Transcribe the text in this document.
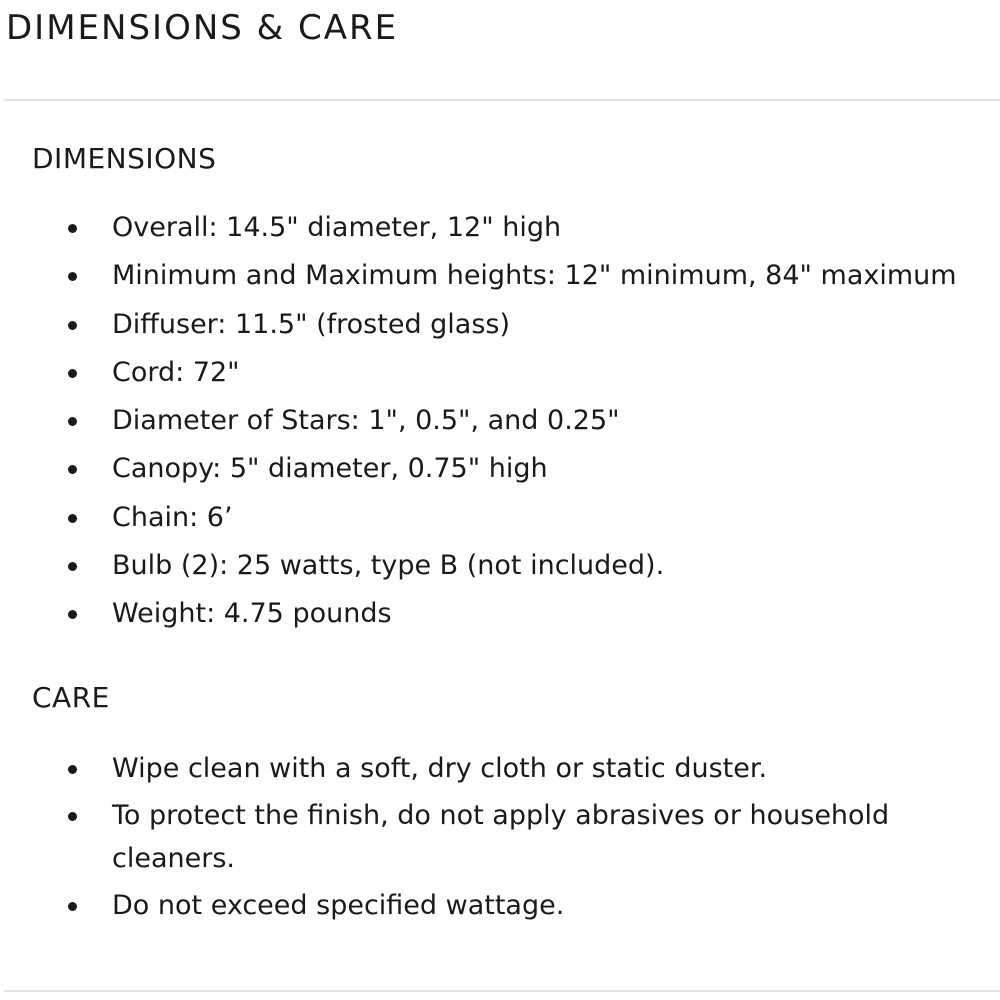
DIMENSIONS & CARE
DIMENSIONS
Overall: 14.5" diameter, 12" high
Minimum and Maximum heights: 12" minimum, 84" maximum
Diffuser: 11.5" (frosted glass)
Cord: 72"
Diameter of Stars: 1", 0.5", and 0.25"
Canopy: 5" diameter, 0.75" high
Chain: 6’
Bulb (2): 25 watts, type B (not included).
Weight: 4.75 pounds
CARE
Wipe clean with a soft, dry cloth or static duster.
To protect the finish, do not apply abrasives or household cleaners.
Do not exceed specified wattage.
